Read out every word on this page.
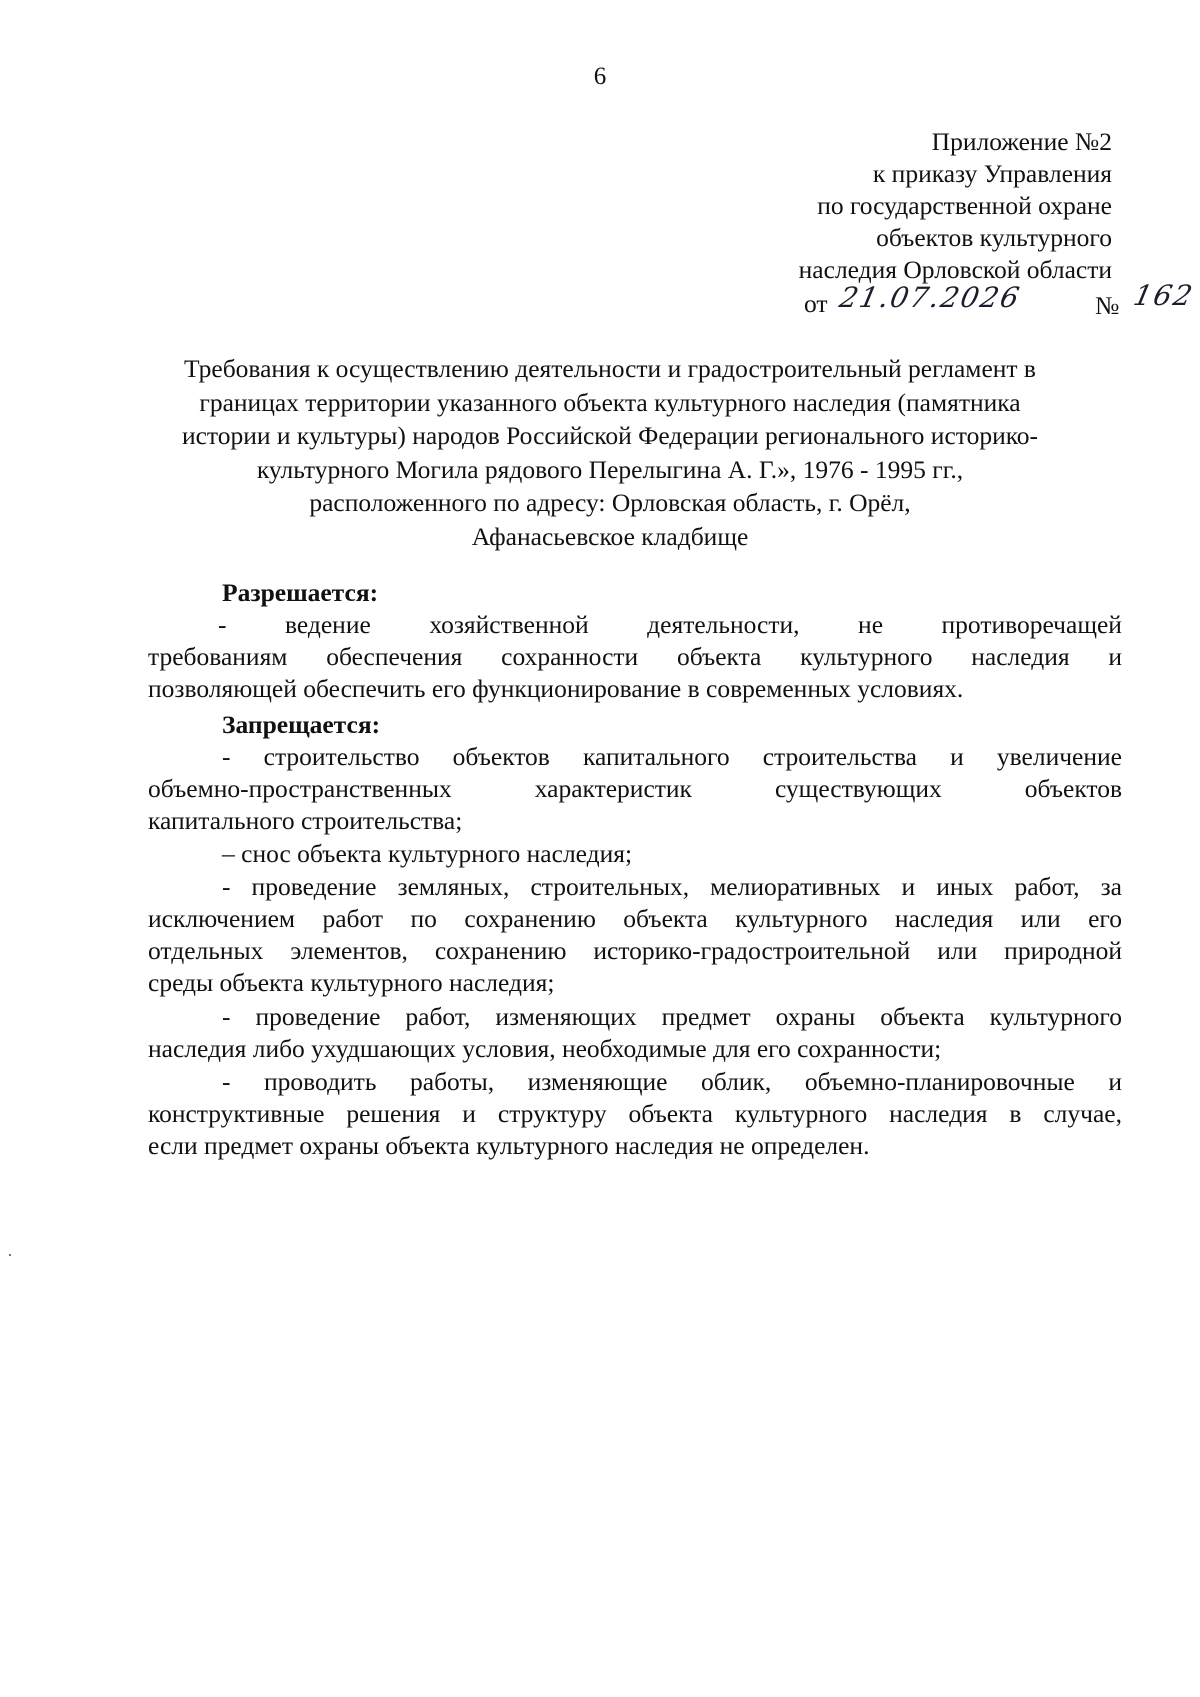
6
Приложение №2
к приказу Управления
по государственной охране
объектов культурного
наследия Орловской области
от 21.07.2026	№ 162
Требования к осуществлению деятельности и градостроительный регламент в
границах территории указанного объекта культурного наследия (памятника
истории и культуры) народов Российской Федерации регионального историко-
культурного Могила рядового Перелыгина А. Г.», 1976 - 1995 гг.,
расположенного по адресу: Орловская область, г. Орёл,
Афанасьевское кладбище
Разрешается:
- ведение хозяйственной деятельности, не противоречащей
требованиям обеспечения сохранности объекта культурного наследия и
позволяющей обеспечить его функционирование в современных условиях.
Запрещается:
- строительство объектов капитального строительства и увеличение
объемно-пространственных	характеристик	существующих	объектов
капитального строительства;
– снос объекта культурного наследия;
- проведение земляных, строительных, мелиоративных и иных работ, за
исключением работ по сохранению объекта культурного наследия или его
отдельных элементов, сохранению историко-градостроительной или природной
среды объекта культурного наследия;
- проведение работ, изменяющих предмет охраны объекта культурного
наследия либо ухудшающих условия, необходимые для его сохранности;
- проводить работы, изменяющие облик, объемно-планировочные и
конструктивные решения и структуру объекта культурного наследия в случае,
если предмет охраны объекта культурного наследия не определен.
